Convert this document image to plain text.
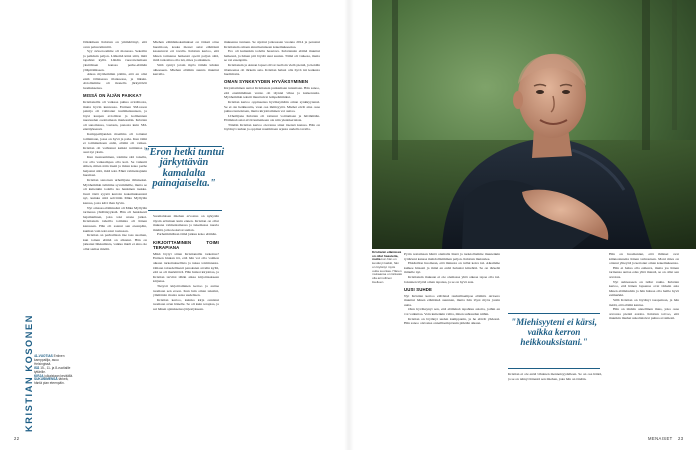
Jälkikäteen Kristian on ymmärtänyt, että oven paluu kiinnitti.

Syy avioeroomme oli monessa. Sekoilin ja pelkäsin paljon. Lähtemä kärsi siitä, mitä tapahtui kyllä. Lähdin vuorottelemaan yksittäisen kanssa perhe-elämän ylläpitämiseen.

Aikaa myöhemmin päätin, että en olisi enää tällaisessa tilanteessa, ja liikuin. Aviollamme oli monella järkyttävät luomuksensa.

MISSÄ ON ÄIJÄN PAIKKA?

Kristiansilla oli vaikeaa puhua avioliitosta, mutta hyvin kunnossa. Entinen SM-tason painija oli vaihtanut tuulimaisuuteen, ja löysi kaupan avioliiton ja kolmannen nuoruuden osoittamaan mielessään. Kristian oli sanomassa, vastasta, panosta kuin SM-ennätyksessä.

Kamppailijanden maailma oli tottunut toimintaan, jossa on hyvä ja paha. Kun tämä ei toiminutkaan enää, elämä oli vaikea. Kristian oli vaihtanut kaikki rutiininsa ja asui nyt yksin.

Kun treenaaminen, toimme sitä toisella, voi olla vaikeampaa olla koti. Se vaikutti siihen, miten näin itseni ja miten koko perhe heijastui siitä, mitä teki. Ehkä valmentajakin huomasi.

Kristian sanotaan urheilijana tällaiseksi. Myöhemmin tulimme syvemmälle, mutta se oli kuitenkin todella iso henkinen taakka. Juuri tästä syystä kerroin kokemuksestani nyt, kuinka siitä selvittiin Mika Myllylän kanssa, josta kävi ihan hyvin.

Nyt omassa elämässäni oli Mika Myllylän tarinassa yhtäläisyyksiä. Hän oli henkisesti hajamielinen, joka toki urana jatkoi. Kristiansin tahoilla toiminta oli hänen kanssaan. Hän oli saanut sen eteenpäin, kunhan vain teki asiat tosissaan.

Kristian on parhaillaan itse taas suomen, kun toinen elämä on alkanut. Hän on jatkanut liikkumista, vaikka mieli ei aina ole ollut samaa mieltä.

KRISTIAN KOSONEN 41-VUOTIAS Entinen kamppailija, asuu Helsingissä.
ISÄ 15-, 11- ja 8-vuotiaille tyttärille.
KIRJA julkaistaan keväällä.
SUKUNIMENSÄ tärkeä, häntä pian eteenpäin.

Miehen elämänkokemukset on tärkeä ottaa huomioon, koska monet asiat elämässä kasautuvat eri tavalla. Kristian kertoo, että hänen tarinansa hetkessä opetti paljon siitä, mitä tarkoittaa olla isä, mies ja aikuinen.

Siitä syntyi jotain myös tämän lehden aiheeseen. Miehen elämän suunta muuttui kerralla.

"Eron hetki tuntui järkyttävän kamalalta painajaiselta."

Suomalaisen miehen arvostus on nykyään täysin erilainen kuin ennen. Kristian on ollut mukana valmentamassa ja tukemassa nuoria miehiä, jotka kokevat saman.

Parhaimmillaan tämä jatkuu koko elämän.

KIRJOITTAMINEN TOIMI TERAPIANA

Mikä löytyi sitten Kristiansille tarkoitus? Entisen hiukan itä, että hän voi olla vaimon aikaan tarkoituksellista ja tukea toiminnasta. Omaan taloudellisesti panoksien arvelin kyllä, että se oli merkittävä. Hän halusi kirjoittaa, ja Kristian tarvitsi tähän aikaa kirjoittaakseen kirjansa.

Tietysti kirjoittaminen kertoo ja auttaa tuomaan sen eroon. Kun luin oman tekstini, ymmärsin monta asiaa uudelleen.

Kristian kertoo, kuinka kirja onnistui tuomaan avun hänelle. Se oli kuin terapiaa, ja sai hänen ajatuksensa järjestykseen.

muksensa tuntuen. Se sijoitui jatkossaan vuonna 2014 ja perustui Kristiansin omaan ainutlaatuiseen kokemukseensa.

Ero oli kuitenkin todella haastava. Kristiansin elämä muuttui hetkessä, ja hänen piti löytää uusi suunta. Tämä oli vaikeaa, mutta se vei eteenpäin.

Kristiansin ja Annan lapset olivat tuolloin vielä pieniä, ja heidän tilanteensa oli tärkein asia. Kristian halusi olla hyvä isä kaikesta huolimatta.

OMAN SYNKKYYDEN HYVÄKSYMINEN

Kirjoittaminen auttoi Kristiansia purkamaan tunteitaan. Hän sanoo, että ensimmäinen versio oli täynnä vihaa ja katkeruutta. Myöhemmin tekstit muuttuivat lempeämmiksi.

Kristian kertoo oppineensa hyväksymään oman synkkyytensä. Se ei ole heikkoutta, vaan osa ihmisyyttä. Miehet eivät aina osaa puhua tunteistaan, mutta kirjoittaminen voi auttaa.

Urheilijana Kristian oli tottunut voittamaan ja häviämään. Elämässä asiat eivät kuitenkaan ole niin yksinkertaisia.

Tänään Kristian kertoo olevansa sinut itsensä kanssa. Hän on löytänyt rauhan ja oppinut nauttimaan arjesta uudella tavalla.

Kristianin elämässä on ollut haasteita, mutta kun hän on kestänyt kaikki, hän on löytänyt myös uutta suuntaa. Hänen mukaansa on tärkeää olla armollinen itselleen.

Pyrin nottamaan häntä olemalla läsnä ja tuokiollamme muutenkin tyttärieni kanssa mahdollisimman paljon. Kristian muistelee.

Ehkäsillon huomaan, että minusta on tullut koira isä. Aikamme kulkee hitaasti ja minä en enää haluaisi kiirehtiä. Se on tärkeää minulle nyt.

Kristiansin mukaan ei ole olemassa yhtä oikeaa tapaa olla isä. Jokainen löytää oman tapansa, ja se on hyvä asia.

UUSI SUHDE

Nyt Kristian kertoo elävänsä rauhallisempaa elämää. Avioero muuttui hänen elämänsä suunnan, mutta hän löysi myös jotain uutta.

Olen hyväksynyt sen, että elämässä tapahtuu asioita, joihin en voi vaikuttaa. Voin kuitenkin valita, miten suhtaudun niihin.

Kristian on löytänyt uuden kumppanin, ja he elävät yhdessä. Hän sanoo olevansa onnellisempi kuin pitkään aikaan.	"Miehisyyteni ei kärsi, vaikka kerron heikkouksistani."

Kristian ei ole enää vihainen menneisyydelleen. Se on osa häntä, ja se on tehnyt hänestä sen miehen, joka hän on tänään.

Hän on huomannut, että ihmiset ovat kiinnostuneita hänen tarinastaan. Moni mies on ottanut yhteyttä ja kertonut oman kokemuksensa.

Hän ei halua olla esikuva, mutta jos hänen tarinansa auttaa edes yhtä miestä, se on ollut sen arvoista.

Nyt suhteeseen on tullut rauha. Kristian kertoo, että hänen lapsensa ovat tärkein asia hänen elämässään ja hän haluaa olla heille hyvä esimerkki.

Sillä Kristian on löytänyt tasapainon, ja hän tietää, että elämä kantaa.

Hän on tänään onnellinen mies, joka osaa arvostaa pieniä asioita. Kristian toivoo, että muutkin miehet uskaltaisivat puhua avoimesti.

22	MENAISET 23
